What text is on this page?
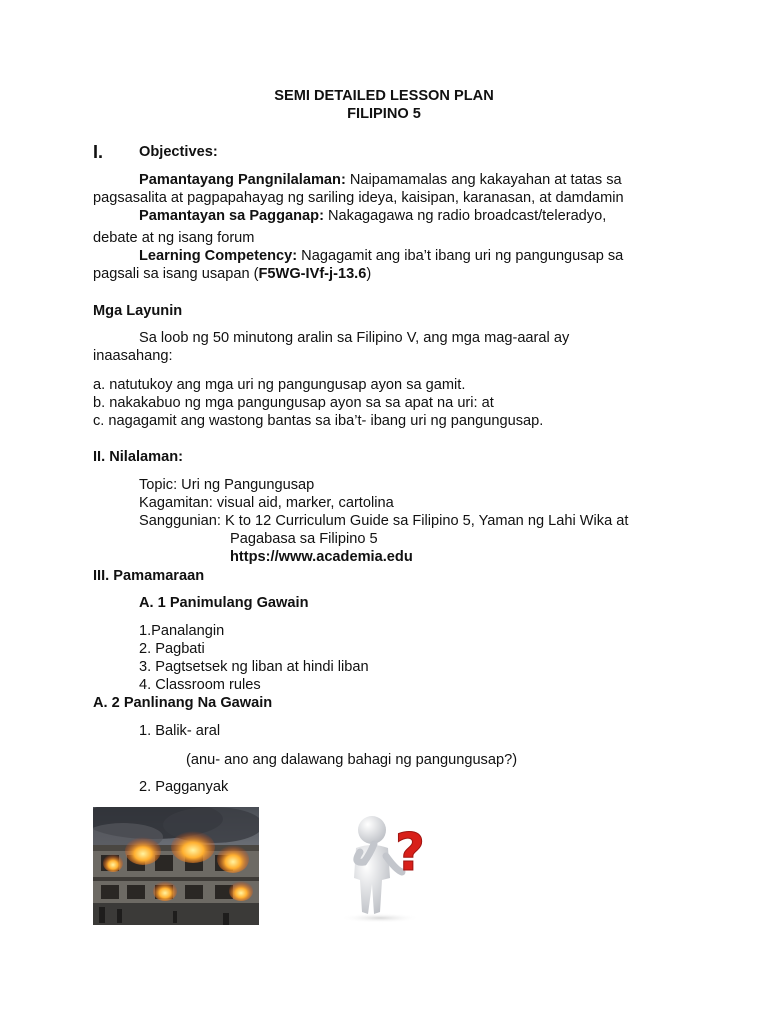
SEMI DETAILED LESSON PLAN
FILIPINO 5
I. Objectives:
Pamantayang Pangnilalaman: Naipamamalas ang kakayahan at tatas sa
pagsasalita at pagpapahayag ng sariling ideya, kaisipan, karanasan, at damdamin
Pamantayan sa Pagganap: Nakagagawa ng radio broadcast/teleradyo,
debate at ng isang forum
Learning Competency: Nagagamit ang iba’t ibang uri ng pangungusap sa
pagsali sa isang usapan (F5WG-IVf-j-13.6)
Mga Layunin
Sa loob ng 50 minutong aralin sa Filipino V, ang mga mag-aaral ay
inaasahang:
a. natutukoy ang mga uri ng pangungusap ayon sa gamit.
b. nakakabuo ng mga pangungusap ayon sa sa apat na uri: at
c. nagagamit ang wastong bantas sa iba’t- ibang uri ng pangungusap.
II. Nilalaman:
Topic: Uri ng Pangungusap
Kagamitan: visual aid, marker, cartolina
Sanggunian: K to 12 Curriculum Guide sa Filipino 5, Yaman ng Lahi Wika at
Pagabasa sa Filipino 5
https://www.academia.edu
III. Pamamaraan
A. 1 Panimulang Gawain
1.Panalangin
2. Pagbati
3. Pagtsetsek ng liban at hindi liban
4. Classroom rules
A. 2 Panlinang Na Gawain
1. Balik- aral
(anu- ano ang dalawang bahagi ng pangungusap?)
2. Pagganyak
?
